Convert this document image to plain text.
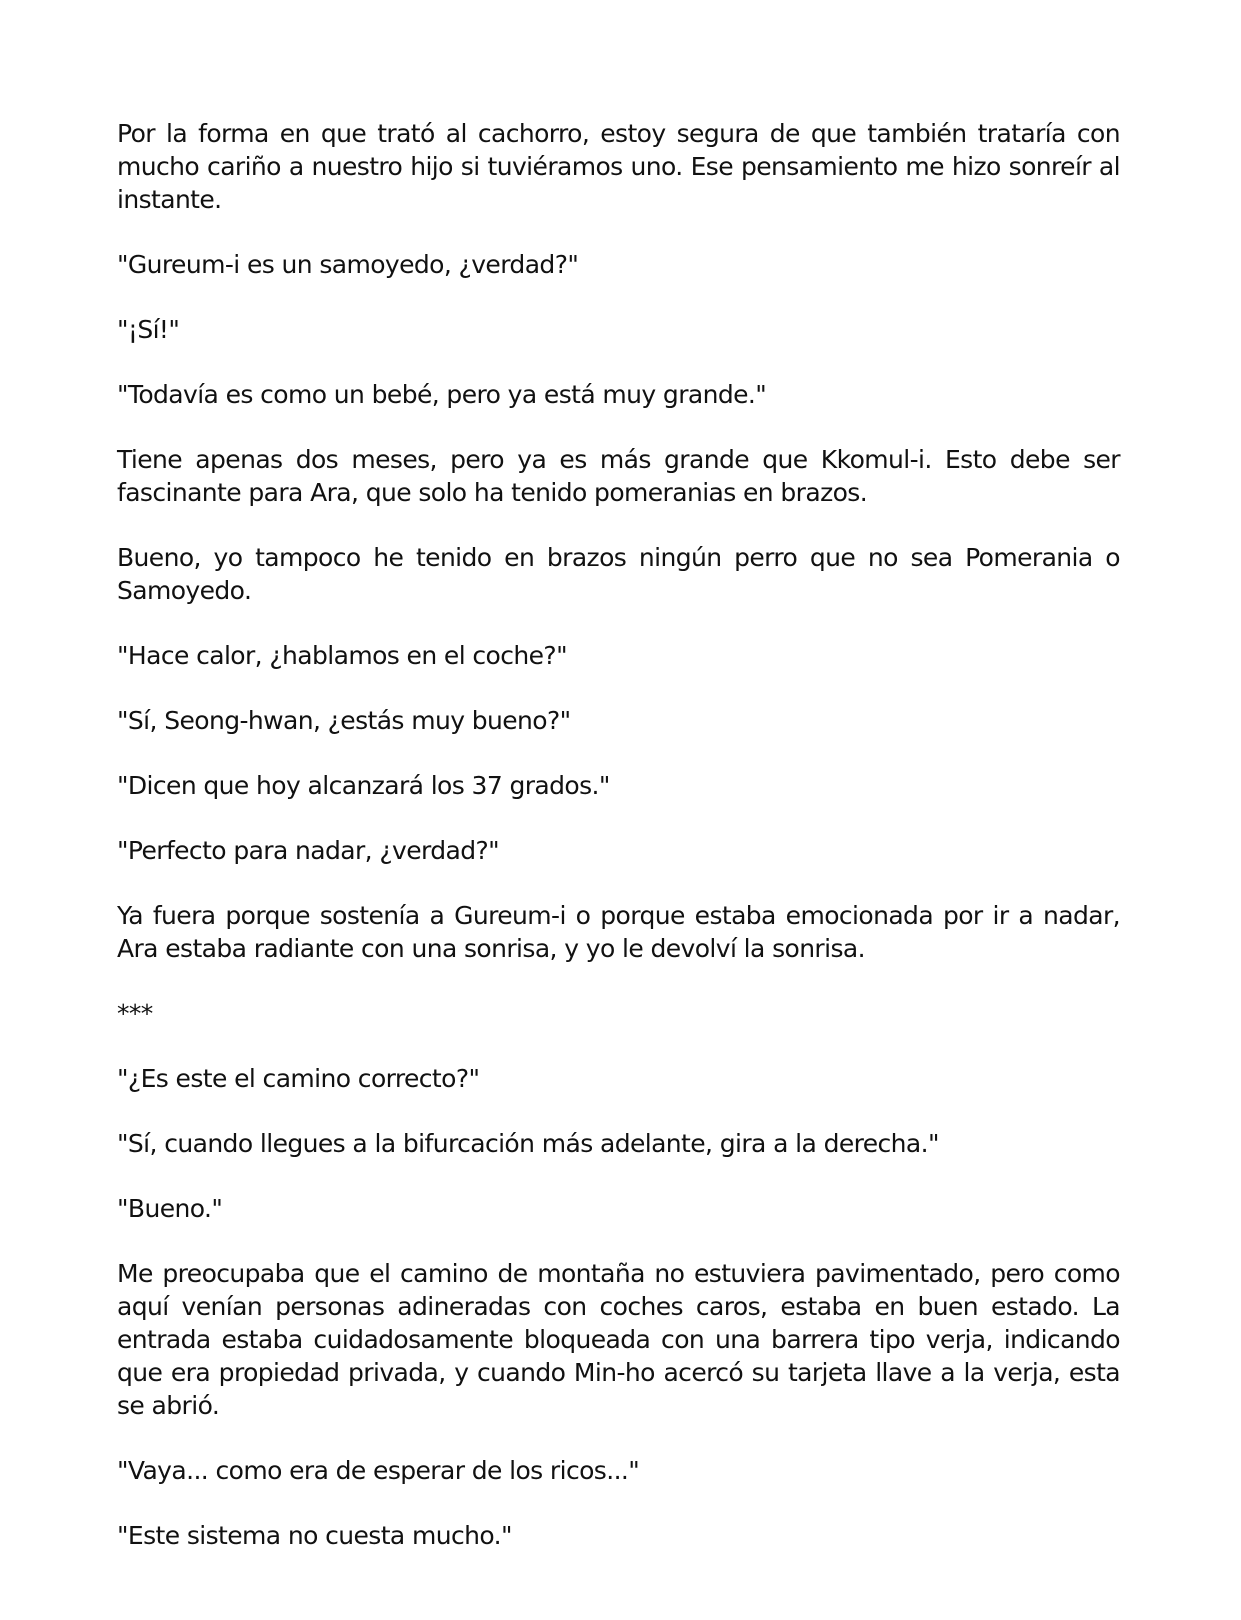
Por la forma en que trató al cachorro, estoy segura de que también trataría con mucho cariño a nuestro hijo si tuviéramos uno. Ese pensamiento me hizo sonreír al instante.

"Gureum-i es un samoyedo, ¿verdad?"

"¡Sí!"

"Todavía es como un bebé, pero ya está muy grande."

Tiene apenas dos meses, pero ya es más grande que Kkomul-i. Esto debe ser fascinante para Ara, que solo ha tenido pomeranias en brazos.

Bueno, yo tampoco he tenido en brazos ningún perro que no sea Pomerania o Samoyedo.

"Hace calor, ¿hablamos en el coche?"

"Sí, Seong-hwan, ¿estás muy bueno?"

"Dicen que hoy alcanzará los 37 grados."

"Perfecto para nadar, ¿verdad?"

Ya fuera porque sostenía a Gureum-i o porque estaba emocionada por ir a nadar, Ara estaba radiante con una sonrisa, y yo le devolví la sonrisa.

***

"¿Es este el camino correcto?"

"Sí, cuando llegues a la bifurcación más adelante, gira a la derecha."

"Bueno."

Me preocupaba que el camino de montaña no estuviera pavimentado, pero como aquí venían personas adineradas con coches caros, estaba en buen estado. La entrada estaba cuidadosamente bloqueada con una barrera tipo verja, indicando que era propiedad privada, y cuando Min-ho acercó su tarjeta llave a la verja, esta se abrió.

"Vaya... como era de esperar de los ricos..."

"Este sistema no cuesta mucho."
